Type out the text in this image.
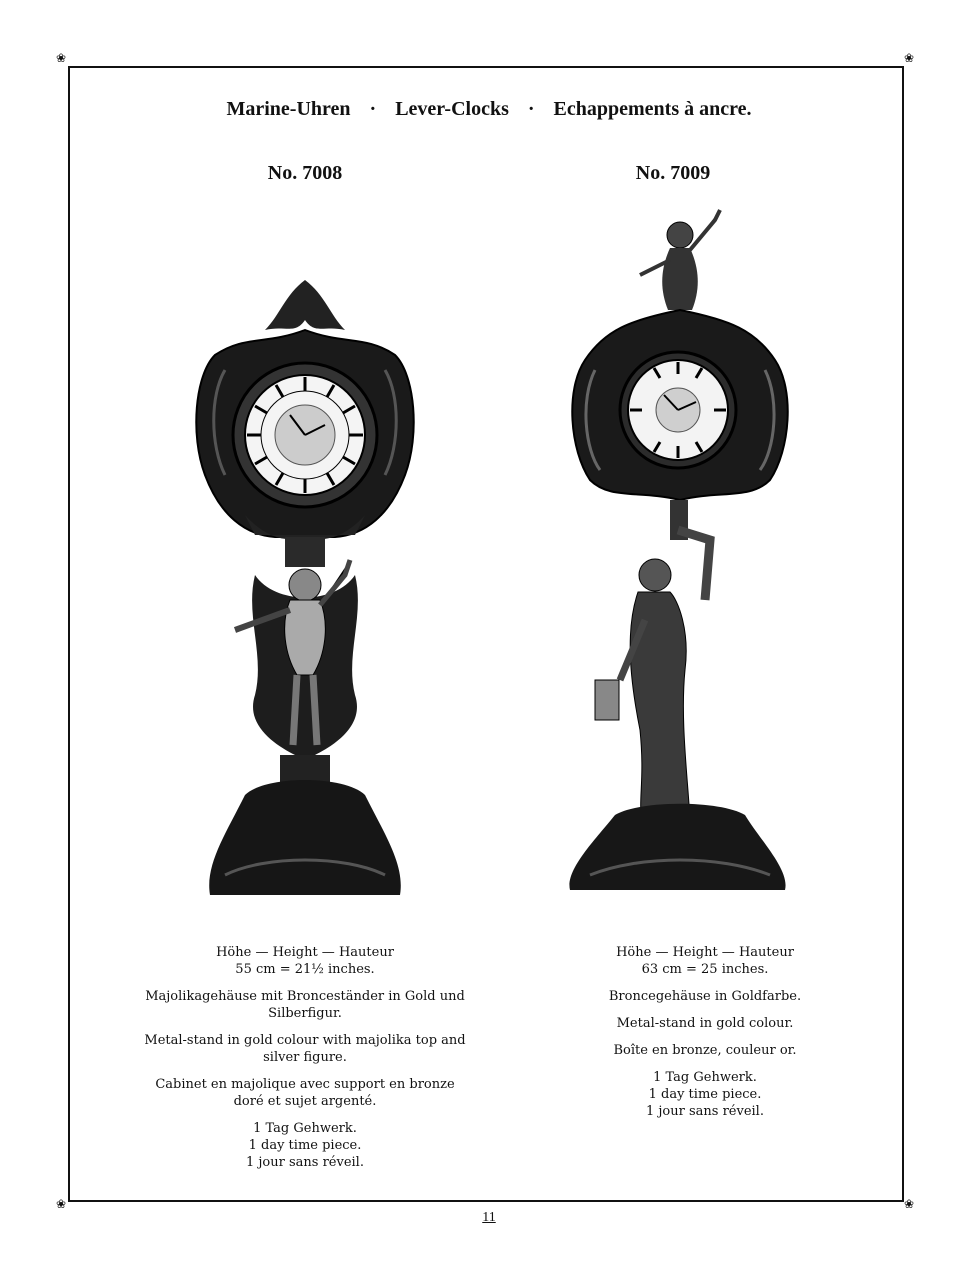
❀	❀
❀	❀
Marine-Uhren · Lever-Clocks · Echappements à ancre.
No. 7008	No. 7009

Höhe — Height — Hauteur
55 cm = 21½ inches.

Majolikagehäuse mit Bronceständer in Gold und Silberfigur.

Metal-stand in gold colour with majolika top and silver figure.

Cabinet en majolique avec support en bronze doré et sujet argenté.

1 Tag Gehwerk.
1 day time piece.
1 jour sans réveil.

Höhe — Height — Hauteur
63 cm = 25 inches.

Broncegehäuse in Goldfarbe.

Metal-stand in gold colour.

Boîte en bronze, couleur or.

1 Tag Gehwerk.
1 day time piece.
1 jour sans réveil.

11
